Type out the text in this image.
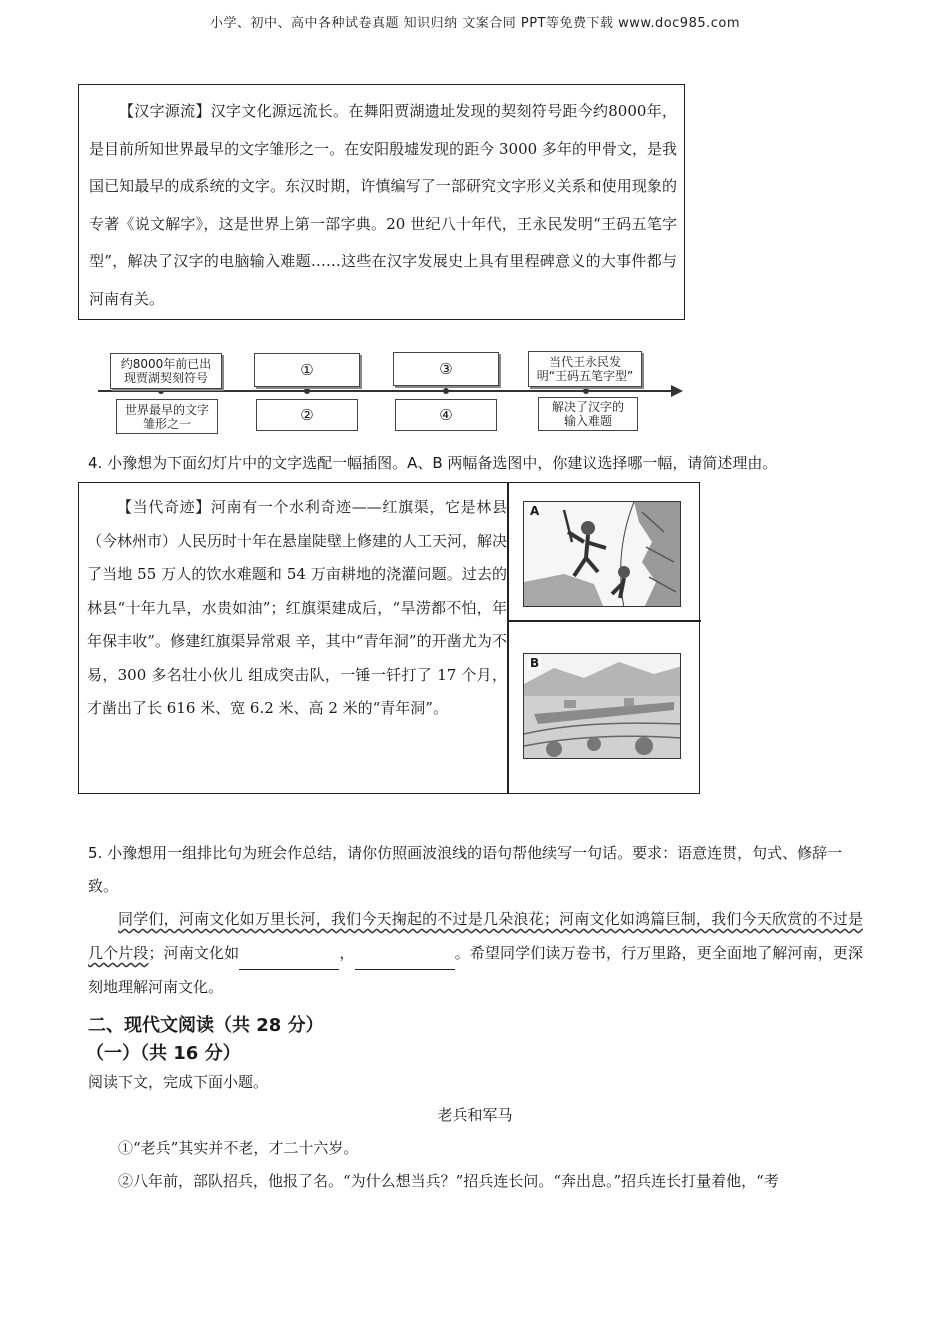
小学、初中、高中各种试卷真题 知识归纳 文案合同 PPT等免费下载 www.doc985.com

【汉字源流】汉字文化源远流长。在舞阳贾湖遗址发现的契刻符号距今约8000年，是目前所知世界最早的文字雏形之一。在安阳殷墟发现的距今 3000 多年的甲骨文，是我国已知最早的成系统的文字。东汉时期，许慎编写了一部研究文字形义关系和使用现象的专著《说文解字》，这是世界上第一部字典。20 世纪八十年代，王永民发明“王码五笔字型”，解决了汉字的电脑输入难题……这些在汉字发展史上具有里程碑意义的大事件都与河南有关。

约8000年前已出现贾湖契刻符号	①	③	当代王永民发明“王码五笔字型”
世界最早的文字雏形之一	②	④	解决了汉字的输入难题
4. 小豫想为下面幻灯片中的文字选配一幅插图。A、B 两幅备选图中，你建议选择哪一幅，请简述理由。

【当代奇迹】河南有一个水利奇迹——红旗渠，它是林县（今林州市）人民历时十年在悬崖陡壁上修建的人工天河，解决了当地 55 万人的饮水难题和 54 万亩耕地的浇灌问题。过去的林县“十年九旱，水贵如油”；红旗渠建成后，“旱涝都不怕，年年保丰收”。修建红旗渠异常艰 辛，其中“青年洞”的开凿尤为不易，300 多名壮小伙儿 组成突击队，一锤一钎打了 17 个月，才凿出了长 616 米、宽 6.2 米、高 2 米的“青年洞”。

A
B
5. 小豫想用一组排比句为班会作总结，请你仿照画波浪线的语句帮他续写一句话。要求：语意连贯，句式、修辞一致。
同学们，河南文化如万里长河，我们今天掬起的不过是几朵浪花；河南文化如鸿篇巨制，我们今天欣赏的不过是几个片段；河南文化如	，	。希望同学们读万卷书，行万里路，更全面地了解河南，更深刻地理解河南文化。
二、现代文阅读（共 28 分）
（一）（共 16 分）
阅读下文，完成下面小题。
老兵和军马
①“老兵”其实并不老，才二十六岁。
②八年前，部队招兵，他报了名。“为什么想当兵？”招兵连长问。“奔出息。”招兵连长打量着他，“考
